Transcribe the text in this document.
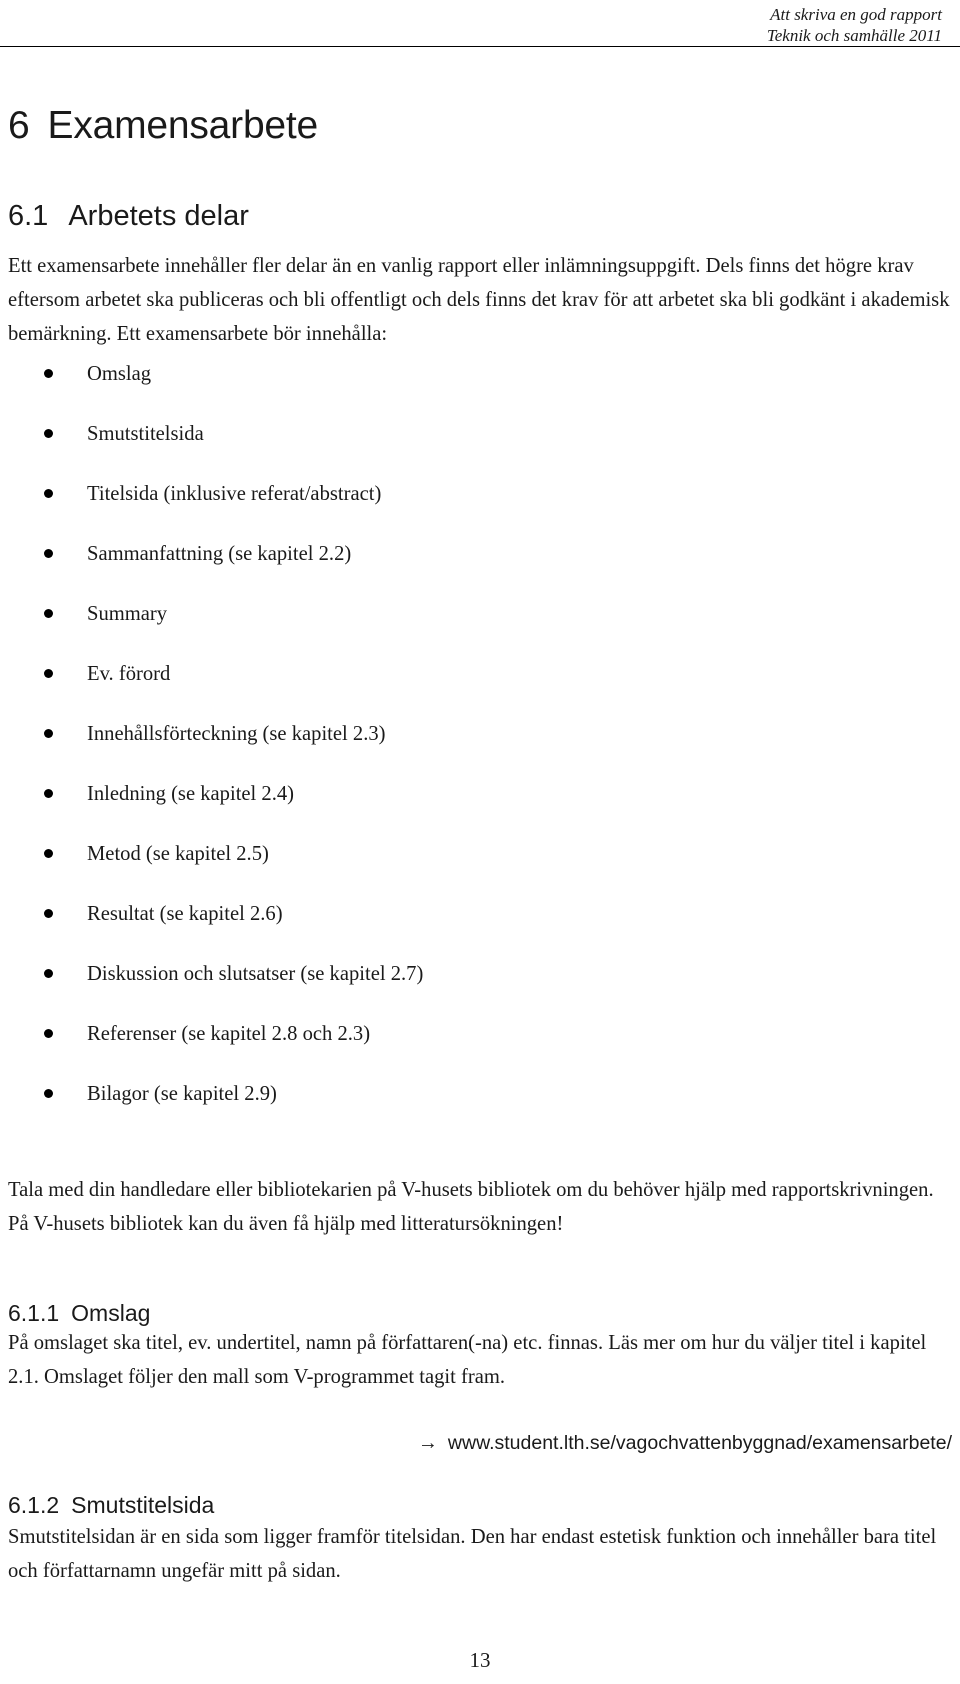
Att skriva en god rapport
Teknik och samhälle 2011
6 Examensarbete
6.1 Arbetets delar

Ett examensarbete innehåller fler delar än en vanlig rapport eller inlämningsuppgift. Dels finns det högre krav eftersom arbetet ska publiceras och bli offentligt och dels finns det krav för att arbetet ska bli godkänt i akademisk bemärkning. Ett examensarbete bör innehålla:

Omslag
Smutstitelsida
Titelsida (inklusive referat/abstract)
Sammanfattning (se kapitel 2.2)
Summary
Ev. förord
Innehållsförteckning (se kapitel 2.3)
Inledning (se kapitel 2.4)
Metod (se kapitel 2.5)
Resultat (se kapitel 2.6)
Diskussion och slutsatser (se kapitel 2.7)
Referenser (se kapitel 2.8 och 2.3)
Bilagor (se kapitel 2.9)

Tala med din handledare eller bibliotekarien på V-husets bibliotek om du behöver hjälp med rapportskrivningen. På V-husets bibliotek kan du även få hjälp med litteratursökningen!

6.1.1 Omslag

På omslaget ska titel, ev. undertitel, namn på författaren(-na) etc. finnas. Läs mer om hur du väljer titel i kapitel 2.1. Omslaget följer den mall som V-programmet tagit fram.

→ www.student.lth.se/vagochvattenbyggnad/examensarbete/
6.1.2 Smutstitelsida

Smutstitelsidan är en sida som ligger framför titelsidan. Den har endast estetisk funktion och innehåller bara titel och författarnamn ungefär mitt på sidan.

13
